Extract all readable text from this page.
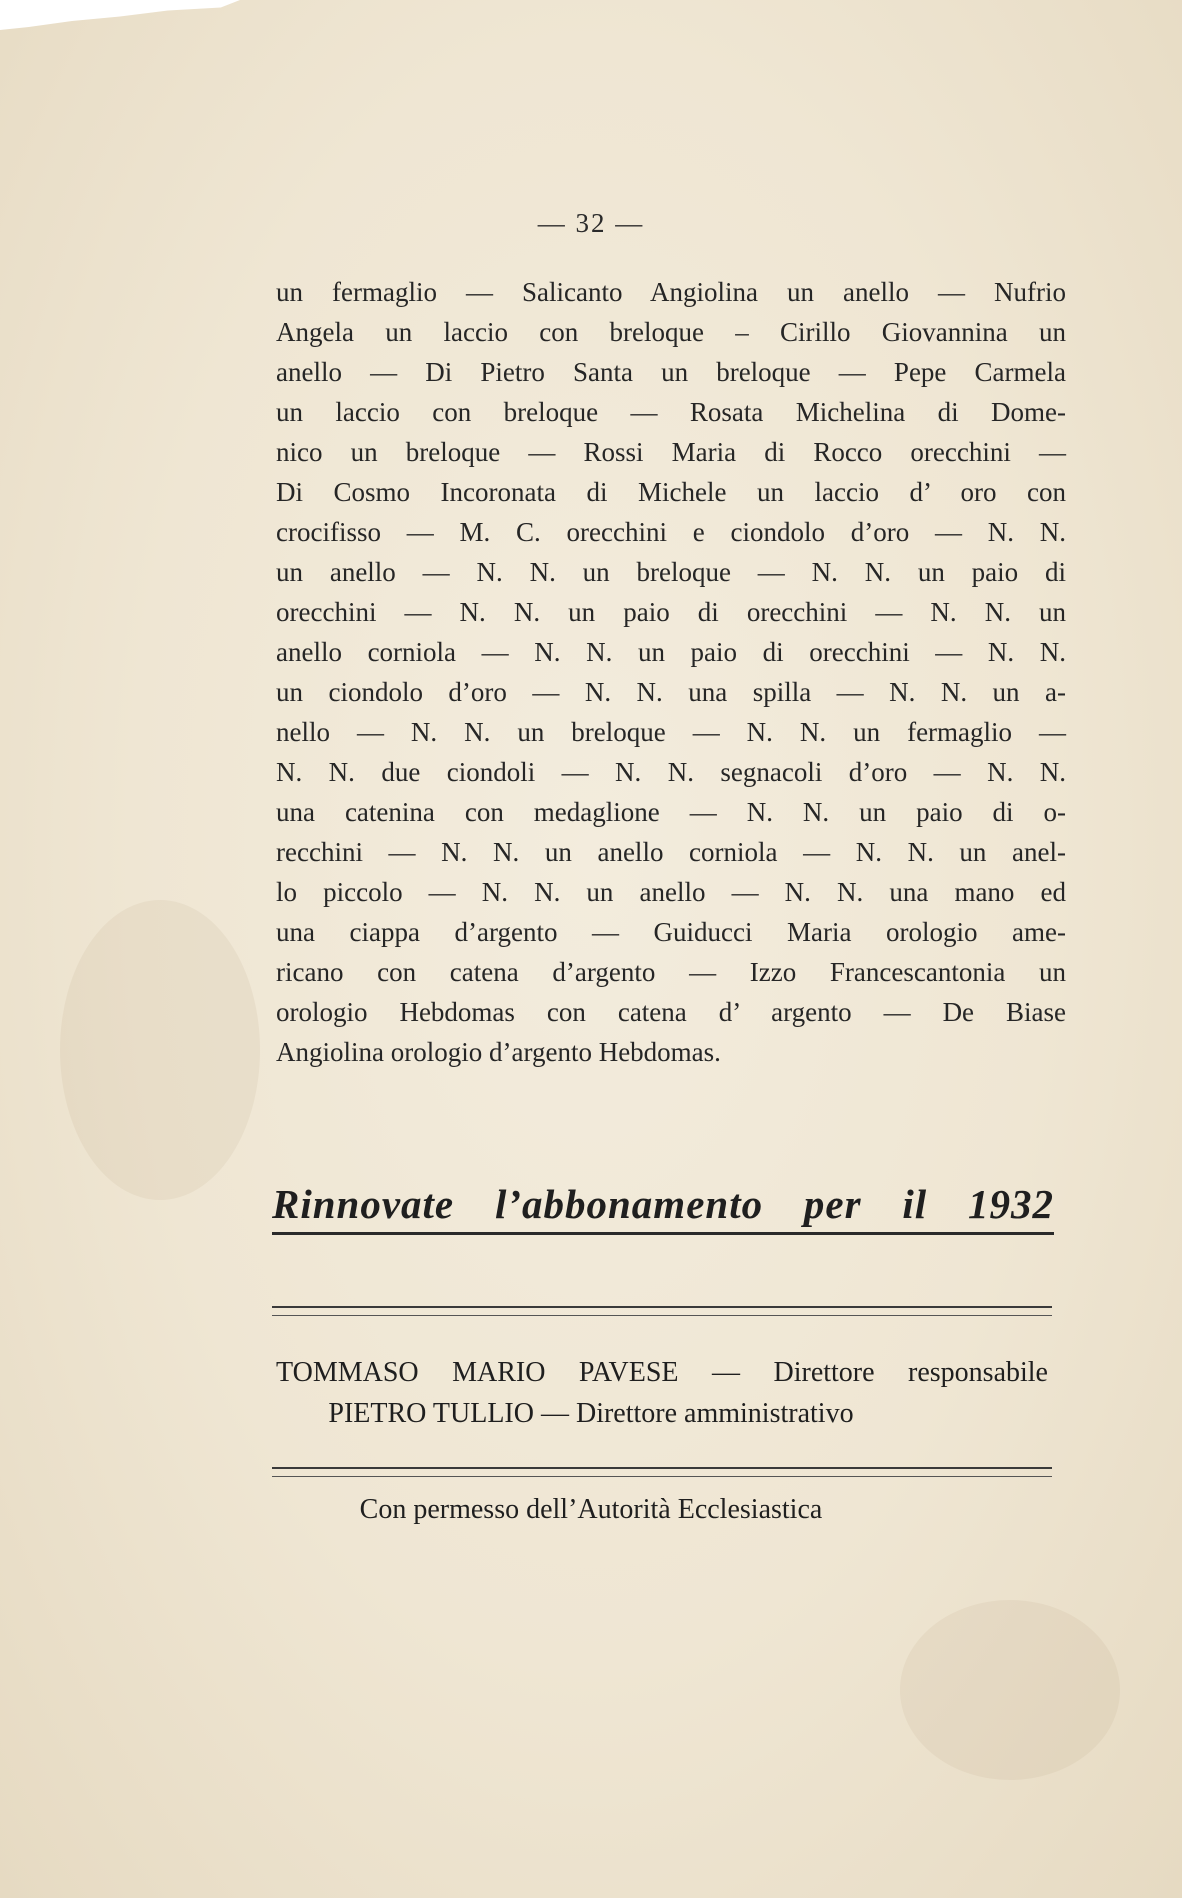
— 32 —
un fermaglio — Salicanto Angiolina un anello — Nufrio
Angela un laccio con breloque – Cirillo Giovannina un
anello — Di Pietro Santa un breloque — Pepe Carmela
un laccio con breloque — Rosata Michelina di Dome-
nico un breloque — Rossi Maria di Rocco orecchini —
Di Cosmo Incoronata di Michele un laccio d’ oro con
crocifisso — M. C. orecchini e ciondolo d’oro — N. N.
un anello — N. N. un breloque — N. N. un paio di
orecchini — N. N. un paio di orecchini — N. N. un
anello corniola — N. N. un paio di orecchini — N. N.
un ciondolo d’oro — N. N. una spilla — N. N. un a-
nello — N. N. un breloque — N. N. un fermaglio —
N. N. due ciondoli — N. N. segnacoli d’oro — N. N.
una catenina con medaglione — N. N. un paio di o-
recchini — N. N. un anello corniola — N. N. un anel-
lo piccolo — N. N. un anello — N. N. una mano ed
una ciappa d’argento — Guiducci Maria orologio ame-
ricano con catena d’argento — Izzo Francescantonia un
orologio Hebdomas con catena d’ argento — De Biase
Angiolina orologio d’argento Hebdomas.
Rinnovate l’abbonamento per il 1932
TOMMASO MARIO PAVESE — Direttore responsabile
PIETRO TULLIO — Direttore amministrativo
Con permesso dell’Autorità Ecclesiastica
